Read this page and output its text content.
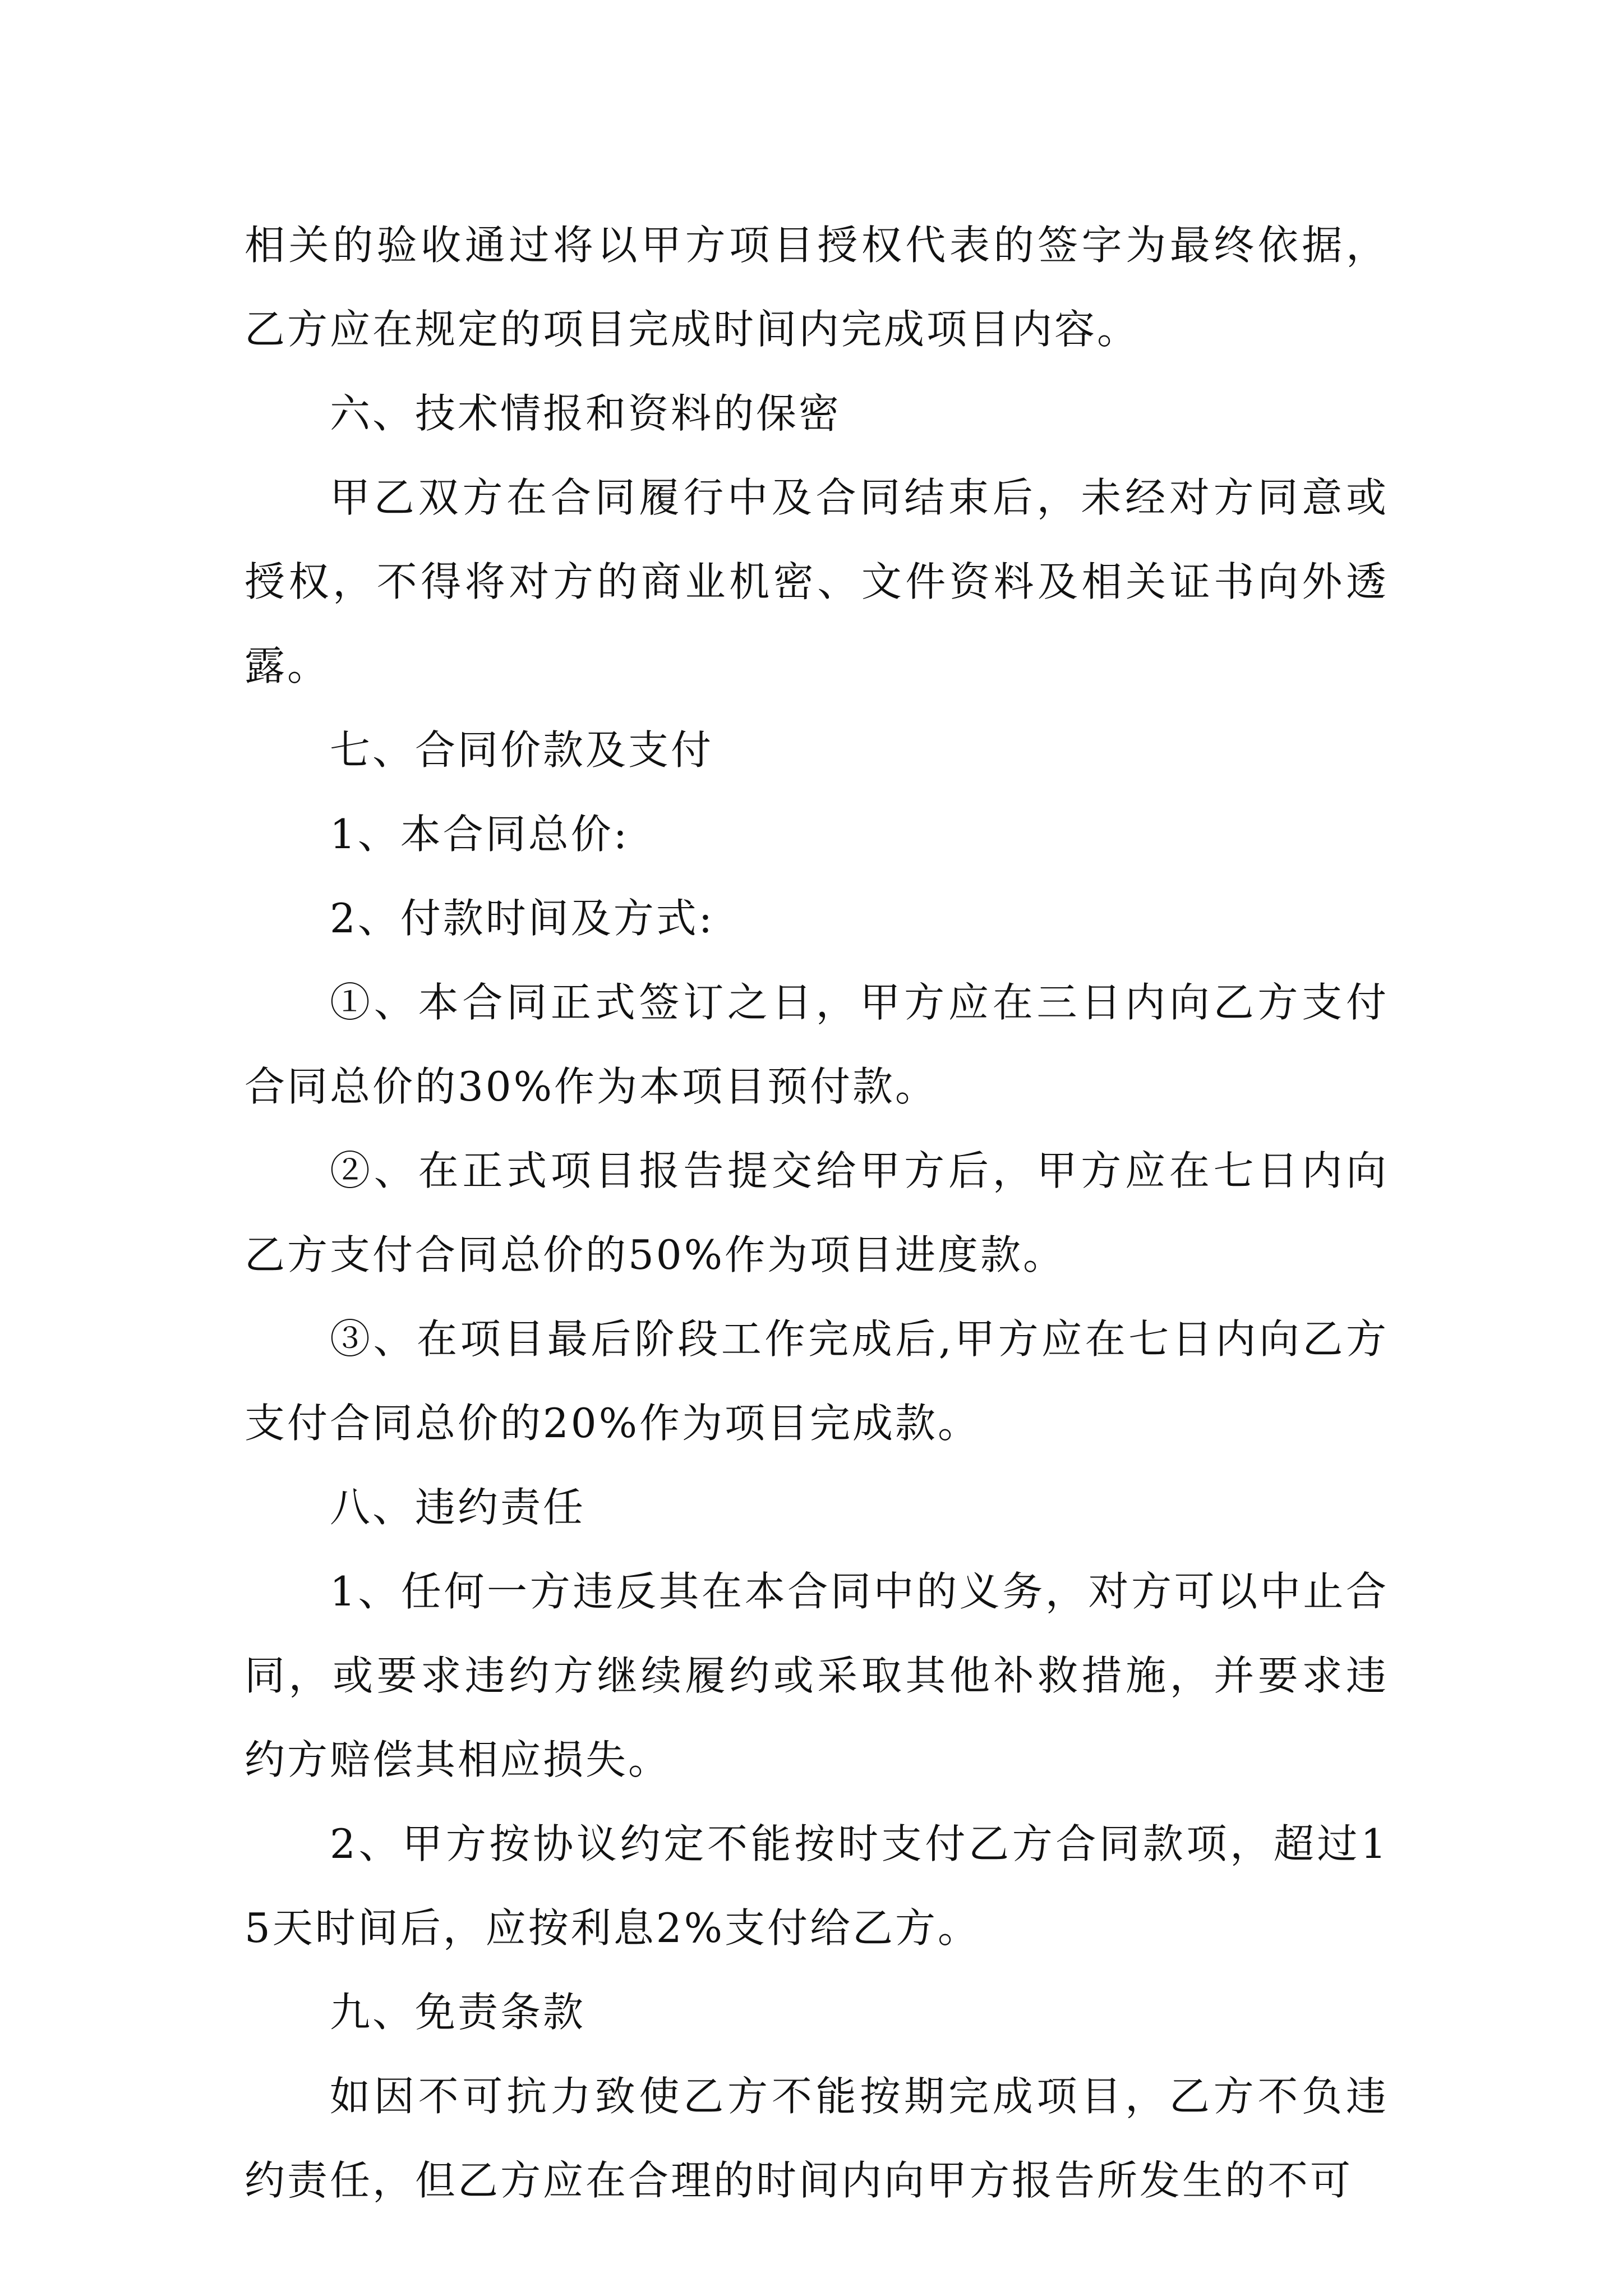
相关的验收通过将以甲方项目授权代表的签字为最终依据，乙方应在规定的项目完成时间内完成项目内容。

六、技术情报和资料的保密

甲乙双方在合同履行中及合同结束后，未经对方同意或授权，不得将对方的商业机密、文件资料及相关证书向外透露。

七、合同价款及支付

1、本合同总价:

2、付款时间及方式:

①、本合同正式签订之日，甲方应在三日内向乙方支付合同总价的30%作为本项目预付款。

②、在正式项目报告提交给甲方后，甲方应在七日内向乙方支付合同总价的50%作为项目进度款。

③、在项目最后阶段工作完成后,甲方应在七日内向乙方支付合同总价的20%作为项目完成款。

八、违约责任

1、任何一方违反其在本合同中的义务，对方可以中止合同，或要求违约方继续履约或采取其他补救措施，并要求违约方赔偿其相应损失。

2、甲方按协议约定不能按时支付乙方合同款项，超过15天时间后，应按利息2%支付给乙方。

九、免责条款

如因不可抗力致使乙方不能按期完成项目，乙方不负违约责任，但乙方应在合理的时间内向甲方报告所发生的不可
